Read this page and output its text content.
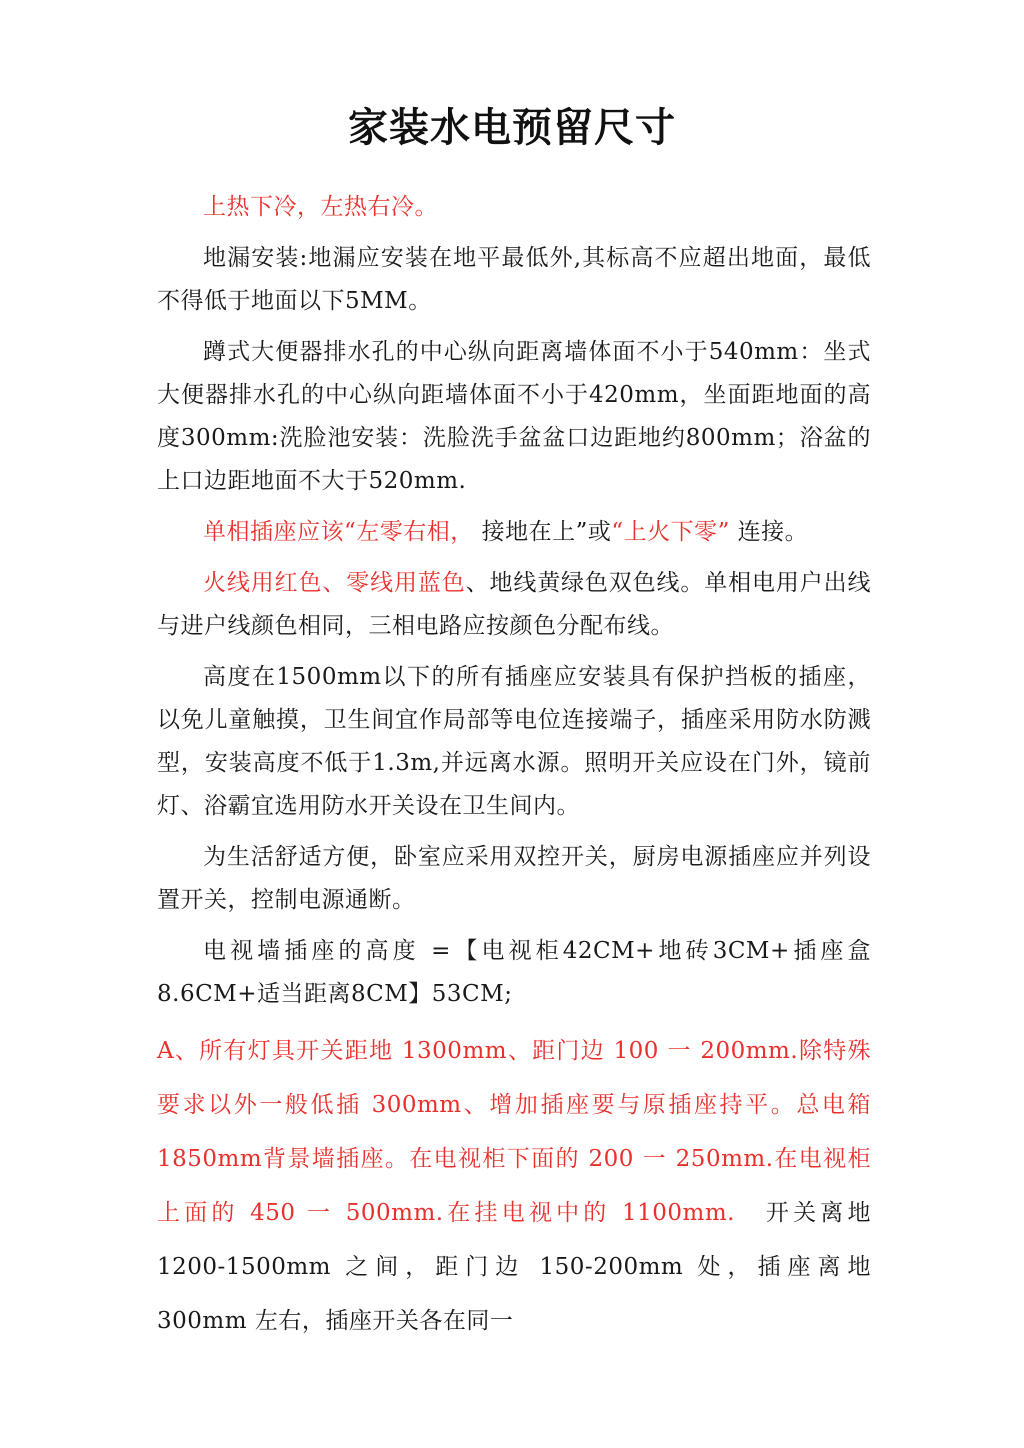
家装水电预留尺寸

上热下冷，左热右冷。

地漏安装:地漏应安装在地平最低外,其标高不应超出地面，最低不得低于地面以下5MM。

蹲式大便器排水孔的中心纵向距离墙体面不小于540mm：坐式大便器排水孔的中心纵向距墙体面不小于420mm，坐面距地面的高度300mm:洗脸池安装：洗脸洗手盆盆口边距地约800mm；浴盆的上口边距地面不大于520mm.

单相插座应该“左零右相， 接地在上”或“上火下零” 连接。

火线用红色、零线用蓝色、地线黄绿色双色线。单相电用户出线与进户线颜色相同，三相电路应按颜色分配布线。

高度在1500mm以下的所有插座应安装具有保护挡板的插座，以免儿童触摸，卫生间宜作局部等电位连接端子，插座采用防水防溅型，安装高度不低于1.3m,并远离水源。照明开关应设在门外，镜前灯、浴霸宜选用防水开关设在卫生间内。

为生活舒适方便，卧室应采用双控开关，厨房电源插座应并列设置开关，控制电源通断。

电视墙插座的高度 =【电视柜42CM+地砖3CM+插座盒8.6CM+适当距离8CM】53CM;

A、所有灯具开关距地 1300mm、距门边 100 一 200mm.除特殊要求以外一般低插 300mm、增加插座要与原插座持平。总电箱 1850mm背景墙插座。在电视柜下面的 200 一 250mm.在电视柜上面的 450 一 500mm.在挂电视中的 1100mm.　开关离地 1200-1500mm 之间，距门边 150-200mm 处，插座离地 300mm 左右，插座开关各在同一
